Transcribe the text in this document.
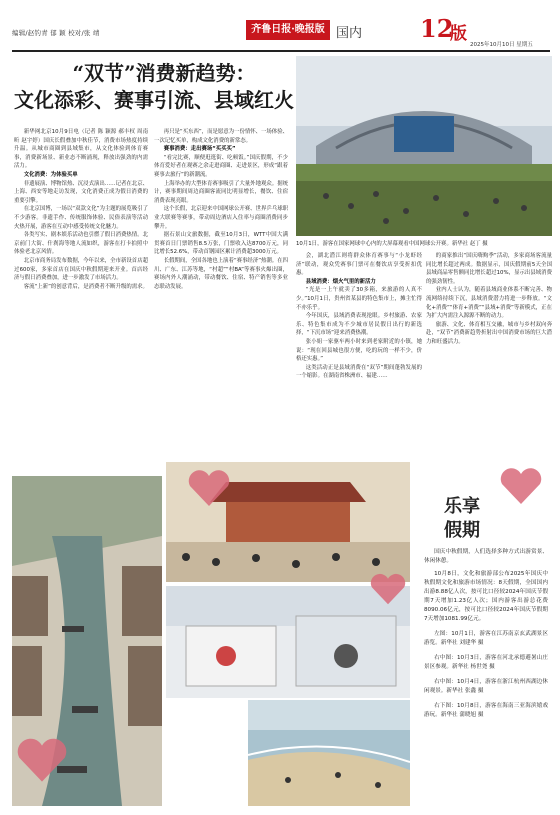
编辑/赵钓青 郁 颖 校对/张 靖	齐鲁日报·晚报版 国内 12
版
2025年10月10日 星期五
“双节”消费新趋势：
文化添彩、赛事引流、县域红火
10月1日，游客在国家网球中心内的大屏幕观看中国网球公开赛。新华社 赵丁 摄

新华网北京10月9日电（记者 陈 颖源 郝丰权 周南昕 赵宇婷）国庆长假叠加中秋佳节，消费市场热度持续升温。从城市商圈到县域集市，从文化体验到体育赛事，消费新场景、新业态不断涌现，释放出强劲的内需活力。

文化消费：为体验买单

非遗展演、博物馆热、沉浸式演出……记者在北京、上海、西安等地走访发现，文化消费正成为假日消费的重要引擎。

在北京国博，一场以“双款文化”为主题的展览吸引了不少游客。非遗手作、传统服饰体验、民俗表演等活动火热开展，游客在互动中感受传统文化魅力。

各类写实、剧本娱乐活动也引燃了假日消费热情。北京前门大街、什刹海等地人流如织，游客在打卡拍照中体验老北京风情。

北京市商务局发布数据，今年以来，全市新设首店超过600家，多家首店在国庆中秋假期迎来开业。首店经济与假日消费叠加，进一步激发了市场活力。

客流“上新”的创意背后，是消费者不断升级的需求。

再只是“买东西”，而是愿意为一份情怀、一场体验、一次记忆买单，构成文化消费的新常态。

赛事消费：走出赛场“买买买”

“看完比赛，顺便逛逛街、吃顿饭。”国庆假期，不少体育爱好者在观赛之余走进商圈、走进景区，形成“跟着赛事去旅行”的新潮流。

上海举办的大型体育赛事吸引了大量外地观众。据统计，赛事期间周边商圈客流同比明显增长，餐饮、住宿消费表现亮眼。

这个长假，北京迎来中国网球公开赛、世界乒乓球职业大联赛等赛事，带动周边酒店入住率与商圈消费同步攀升。

据石景山文旅数据，截至10月3日，WTT中国大满贯赛首日门票销售8.5万张，门票收入达8700万元，同比增长52.6%，带动首钢园区累计消费超3000万元。

长假期间，全国各地也上演着“赛事经济”热潮。在四川、广东、江苏等地，“村超”“村BA”等赛事火爆出圈，赛场内外人潮涌动，带动餐饮、住宿、特产销售等多业态联动发展。

会，湖北潜江则将群众体育赛事与“小龙虾经济”联动，观众凭赛事门票可在餐饮店享受折扣优惠。

县域消费：烟火气里的新活力

“光是一上午就卖了30多箱，来旅游的人真不少。”10月1日，贵州省某县的特色集市上，摊主忙得不亦乐乎。

今年国庆，县域消费表现抢眼。乡村旅游、农家乐、特色集市成为不少城市居民假日出行的新选择，“下沉市场”迎来消费热潮。

张小姐一家驱车两小时来到老家附近的小镇，她说：“现在回县城也很方便，吃的玩的一样不少，价格还实惠。”

这类活动正是县域消费在“双节”期间蓬勃发展的一个缩影。在湖南省株洲市、福建……

的商家推出“国庆嗨购季”活动，多家商场客流量同比增长超过两成。数据显示，国庆假期前5天全国县域商品零售额同比增长超过10%，显示出县域消费的强劲韧性。

业内人士认为，随着县域商业体系不断完善、物流网络持续下沉，县域消费潜力将进一步释放。“文化+消费”“体育+消费”“县域+消费”等新模式，正在为扩大内需注入源源不断的动力。

旅游、文化、体育相互交融，城市与乡村双向奔赴，“双节”消费新趋势折射出中国消费市场的巨大潜力和旺盛活力。

乐享
假期

国庆中秋假期，人们选择多种方式出游赏景、休闲休憩。

10月8日，文化和旅游部公布2025年国庆中秋假期文化和旅游市场情况：8天假期，全国国内出游8.88亿人次，按可比口径较2024年国庆节假期7天增加1.23亿人次；国内游客出游总花费8090.06亿元，按可比口径较2024年国庆节假期7天增加1081.99亿元。

左图：10月1日，游客在江苏南京玄武湖景区游览。新华社 刘建华 摄

右中图：10月3日，游客在河北承德避暑山庄景区参观。新华社 杨世尧 摄

右中图：10月4日，游客在浙江杭州西湖边休闲观景。新华社 张鑫 摄

右下图：10月8日，游客在海南三亚海滨嬉戏游玩。新华社 蒲晓旭 摄
